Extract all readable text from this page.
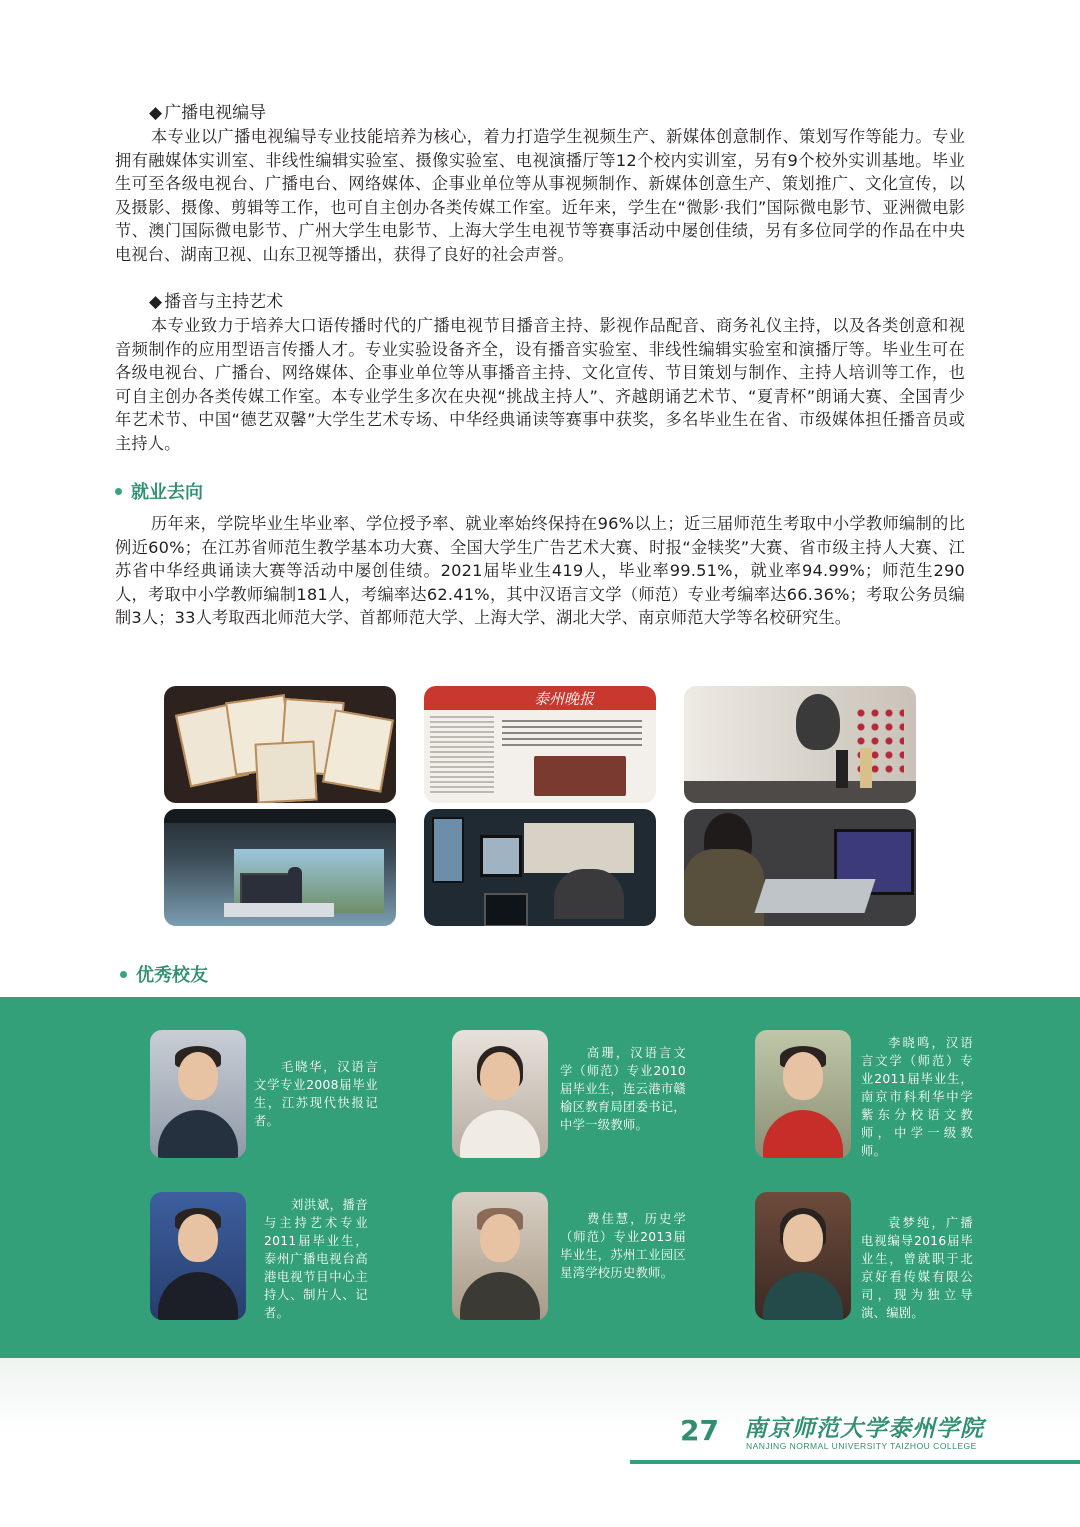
◆ 广播电视编导

本专业以广播电视编导专业技能培养为核心，着力打造学生视频生产、新媒体创意制作、策划写作等能力。专业拥有融媒体实训室、非线性编辑实验室、摄像实验室、电视演播厅等12个校内实训室，另有9个校外实训基地。毕业生可至各级电视台、广播电台、网络媒体、企事业单位等从事视频制作、新媒体创意生产、策划推广、文化宣传，以及摄影、摄像、剪辑等工作，也可自主创办各类传媒工作室。近年来，学生在“微影·我们”国际微电影节、亚洲微电影节、澳门国际微电影节、广州大学生电影节、上海大学生电视节等赛事活动中屡创佳绩，另有多位同学的作品在中央电视台、湖南卫视、山东卫视等播出，获得了良好的社会声誉。

◆ 播音与主持艺术

本专业致力于培养大口语传播时代的广播电视节目播音主持、影视作品配音、商务礼仪主持，以及各类创意和视音频制作的应用型语言传播人才。专业实验设备齐全，设有播音实验室、非线性编辑实验室和演播厅等。毕业生可在各级电视台、广播台、网络媒体、企事业单位等从事播音主持、文化宣传、节目策划与制作、主持人培训等工作，也可自主创办各类传媒工作室。本专业学生多次在央视“挑战主持人”、齐越朗诵艺术节、“夏青杯”朗诵大赛、全国青少年艺术节、中国“德艺双馨”大学生艺术专场、中华经典诵读等赛事中获奖，多名毕业生在省、市级媒体担任播音员或主持人。

就业去向

历年来，学院毕业生毕业率、学位授予率、就业率始终保持在96%以上；近三届师范生考取中小学教师编制的比例近60%；在江苏省师范生教学基本功大赛、全国大学生广告艺术大赛、时报“金犊奖”大赛、省市级主持人大赛、江苏省中华经典诵读大赛等活动中屡创佳绩。2021届毕业生419人，毕业率99.51%，就业率94.99%；师范生290人，考取中小学教师编制181人，考编率达62.41%，其中汉语言文学（师范）专业考编率达66.36%；考取公务员编制3人；33人考取西北师范大学、首都师范大学、上海大学、湖北大学、南京师范大学等名校研究生。

泰州晚报
优秀校友
毛晓华，汉语言文学专业2008届毕业生，江苏现代快报记者。
高珊，汉语言文学（师范）专业2010届毕业生，连云港市赣榆区教育局团委书记，中学一级教师。
李晓鸣，汉语言文学（师范）专业2011届毕业生，南京市科利华中学紫东分校语文教师，中学一级教师。
刘洪斌，播音与主持艺术专业2011届毕业生，泰州广播电视台高港电视节目中心主持人、制片人、记者。
费佳慧，历史学（师范）专业2013届毕业生，苏州工业园区星湾学校历史教师。
袁梦纯，广播电视编导2016届毕业生，曾就职于北京好看传媒有限公司，现为独立导演、编剧。
27 南京师范大学泰州学院
NANJING NORMAL UNIVERSITY TAIZHOU COLLEGE
